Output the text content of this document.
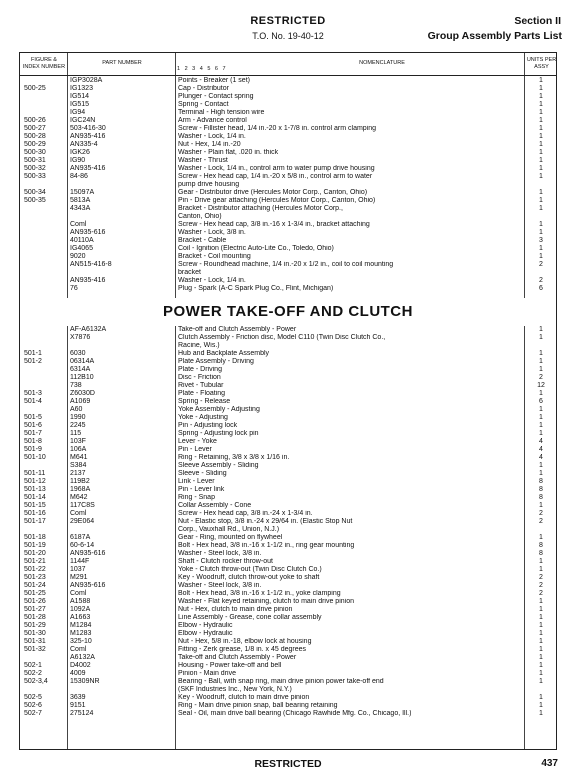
RESTRICTED
T.O. No. 19-40-12
Section II
Group Assembly Parts List
FIGURE & INDEX NUMBER
PART NUMBER
1 2 3 4 5 6 7
NOMENCLATURE	UNITS PER ASSY
IGP3028A	Points - Breaker (1 set)	1
500-25	IG1323	Cap - Distributor	1
IG514	Plunger - Contact spring	1
IG515	Spring - Contact	1
IG94	Terminal - High tension wire	1
500-26	IGC24N	Arm - Advance control	1
500-27	503-416-30	Screw - Fillister head, 1/4 in.-20 x 1-7/8 in. control arm clamping	1
500-28	AN935-416	Washer - Lock, 1/4 in.	1
500-29	AN335-4	Nut - Hex, 1/4 in.-20	1
500-30	IGK26	Washer - Plain flat, .020 in. thick	1
500-31	IG90	Washer - Thrust	1
500-32	AN935-416	Washer - Lock, 1/4 in., control arm to water pump drive housing	1
500-33	84-86	Screw - Hex head cap, 1/4 in.-20 x 5/8 in., control arm to water	1
pump drive housing
500-34	15097A	Gear - Distributor drive (Hercules Motor Corp., Canton, Ohio)	1
500-35	5813A	Pin - Drive gear attaching (Hercules Motor Corp., Canton, Ohio)	1
4343A	Bracket - Distributor attaching (Hercules Motor Corp.,	1
Canton, Ohio)
Coml	Screw - Hex head cap, 3/8 in.-16 x 1-3/4 in., bracket attaching	1
AN935-616	Washer - Lock, 3/8 in.	1
40110A	Bracket - Cable	3
IG4065	Coil - Ignition (Electric Auto-Lite Co., Toledo, Ohio)	1
9020	Bracket - Coil mounting	1
AN515-416-8	Screw - Roundhead machine, 1/4 in.-20 x 1/2 in., coil to coil mounting	2
bracket
AN935-416	Washer - Lock, 1/4 in.	2
76	Plug - Spark (A-C Spark Plug Co., Flint, Michigan)	6
POWER TAKE-OFF AND CLUTCH
AF-A6132A	Take-off and Clutch Assembly - Power	1
X7876	Clutch Assembly - Friction disc, Model C110 (Twin Disc Clutch Co.,	1
Racine, Wis.)
501-1	6030	Hub and Backplate Assembly	1
501-2	06314A	Plate Assembly - Driving	1
6314A	Plate - Driving	1
112B10	Disc - Friction	2
738	Rivet - Tubular	12
501-3	Z6030D	Plate - Floating	1
501-4	A1069	Spring - Release	6
A60	Yoke Assembly - Adjusting	1
501-5	1990	Yoke - Adjusting	1
501-6	2245	Pin - Adjusting lock	1
501-7	115	Spring - Adjusting lock pin	1
501-8	103F	Lever - Yoke	4
501-9	106A	Pin - Lever	4
501-10	M641	Ring - Retaining, 3/8 x 3/8 x 1/16 in.	4
S384	Sleeve Assembly - Sliding	1
501-11	2137	Sleeve - Sliding	1
501-12	119B2	Link - Lever	8
501-13	1968A	Pin - Lever link	8
501-14	M642	Ring - Snap	8
501-15	117C8S	Collar Assembly - Cone	1
501-16	Coml	Screw - Hex head cap, 3/8 in.-24 x 1-3/4 in.	2
501-17	29E064	Nut - Elastic stop, 3/8 in.-24 x 29/64 in. (Elastic Stop Nut	2
Corp., Vauxhall Rd., Union, N.J.)
501-18	6187A	Gear - Ring, mounted on flywheel	1
501-19	60-6-14	Bolt - Hex head, 3/8 in.-16 x 1-1/2 in., ring gear mounting	8
501-20	AN935-616	Washer - Steel lock, 3/8 in.	8
501-21	1144F	Shaft - Clutch rocker throw-out	1
501-22	1037	Yoke - Clutch throw-out (Twin Disc Clutch Co.)	1
501-23	M291	Key - Woodruff, clutch throw-out yoke to shaft	2
501-24	AN935-616	Washer - Steel lock, 3/8 in.	2
501-25	Coml	Bolt - Hex head, 3/8 in.-16 x 1-1/2 in., yoke clamping	2
501-26	A1588	Washer - Flat keyed retaining, clutch to main drive pinion	1
501-27	1092A	Nut - Hex, clutch to main drive pinion	1
501-28	A1663	Line Assembly - Grease, cone collar assembly	1
501-29	M1284	Elbow - Hydraulic	1
501-30	M1283	Elbow - Hydraulic	1
501-31	325-10	Nut - Hex, 5/8 in.-18, elbow lock at housing	1
501-32	Coml	Fitting - Zerk grease, 1/8 in. x 45 degrees	1
A6132A	Take-off and Clutch Assembly - Power	1
502-1	D4002	Housing - Power take-off and bell	1
502-2	4009	Pinion - Main drive	1
502-3,4	15309NR	Bearing - Ball, with snap ring, main drive pinion power take-off end	1
(SKF Industries Inc., New York, N.Y.)
502-5	3639	Key - Woodruff, clutch to main drive pinion	1
502-6	9151	Ring - Main drive pinion snap, ball bearing retaining	1
502-7	275124	Seal - Oil, main drive ball bearing (Chicago Rawhide Mfg. Co., Chicago, Ill.)	1
RESTRICTED	437
